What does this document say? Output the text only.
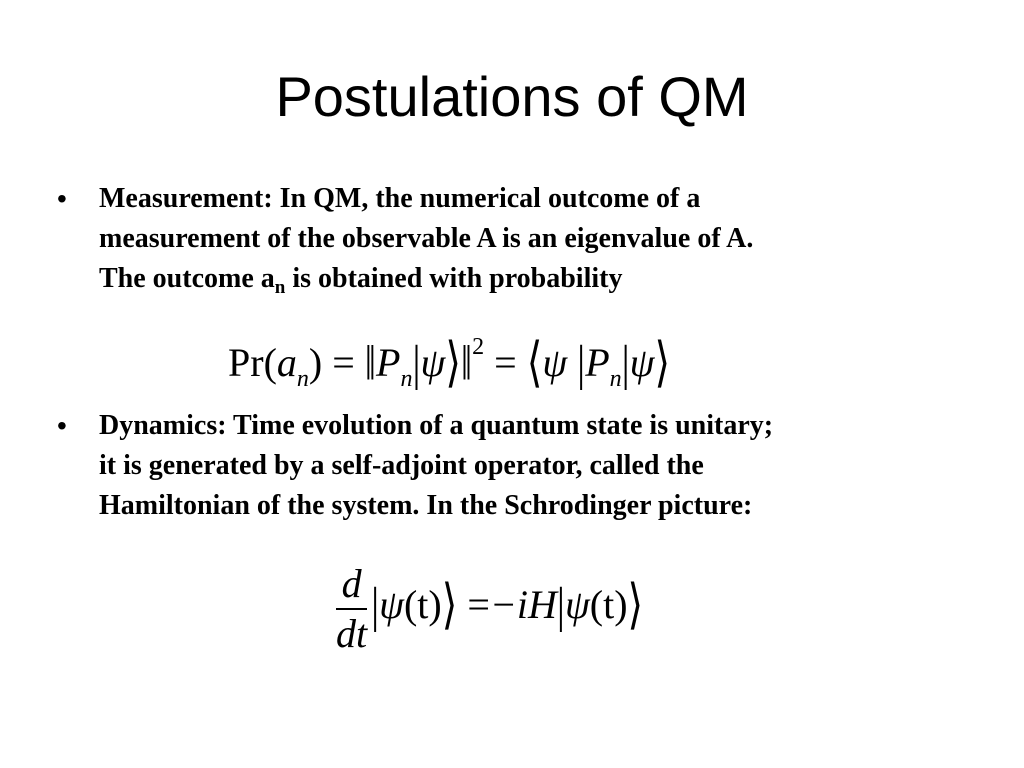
Postulations of QM
• Measurement: In QM, the numerical outcome of a
measurement of the observable A is an eigenvalue of A.
The outcome $a_n$ is obtained with probability
$Pr(a_n)$ = $‖P_n|\psi⟩‖^2$ = ⟨ψ $|P_n|\psi⟩$
• Dynamics: Time evolution of a quantum state is unitary;
it is generated by a self-adjoint operator, called the
Hamiltonian of the system. In the Schrodinger picture:
$\frac{d}{dt}$ |ψ(t)⟩ =−iH|ψ(t)⟩
